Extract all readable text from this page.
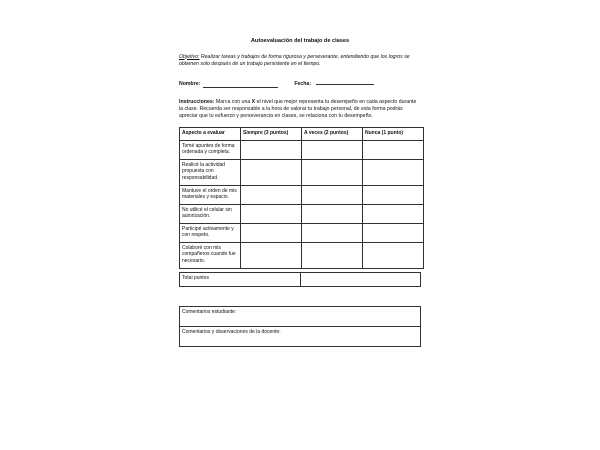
Autoevaluación del trabajo de clases

Objetivo: Realizar tareas y trabajos de forma rigurosa y perseverante, entendiendo que los logros se obtienen solo después de un trabajo persistente en el tiempo.

Nombre:	Fecha:

Instrucciones: Marca con una X el nivel que mejor representa tu desempeño en cada aspecto durante la clase. Recuerda ser responsable a la hora de valorar tu trabajo personal, de esta forma podrás apreciar que tu esfuerzo y perseverancia en clases, se relaciona con tu desempeño.

Aspecto a evaluar	Siempre (3 puntos)	A veces (2 puntos)	Nunca (1 punto)
Tomé apuntes de forma ordenada y completa.			
Realicé la actividad propuesta con responsabilidad.			
Mantuve el orden de mis materiales y espacio.			
No utilicé el celular sin autorización.			
Participé activamente y con respeto.			
Colaboré con mis compañeros cuando fue necesario.			
Total puntos	
Comentarios estudiante:
Comentarios y observaciones de la docente:
